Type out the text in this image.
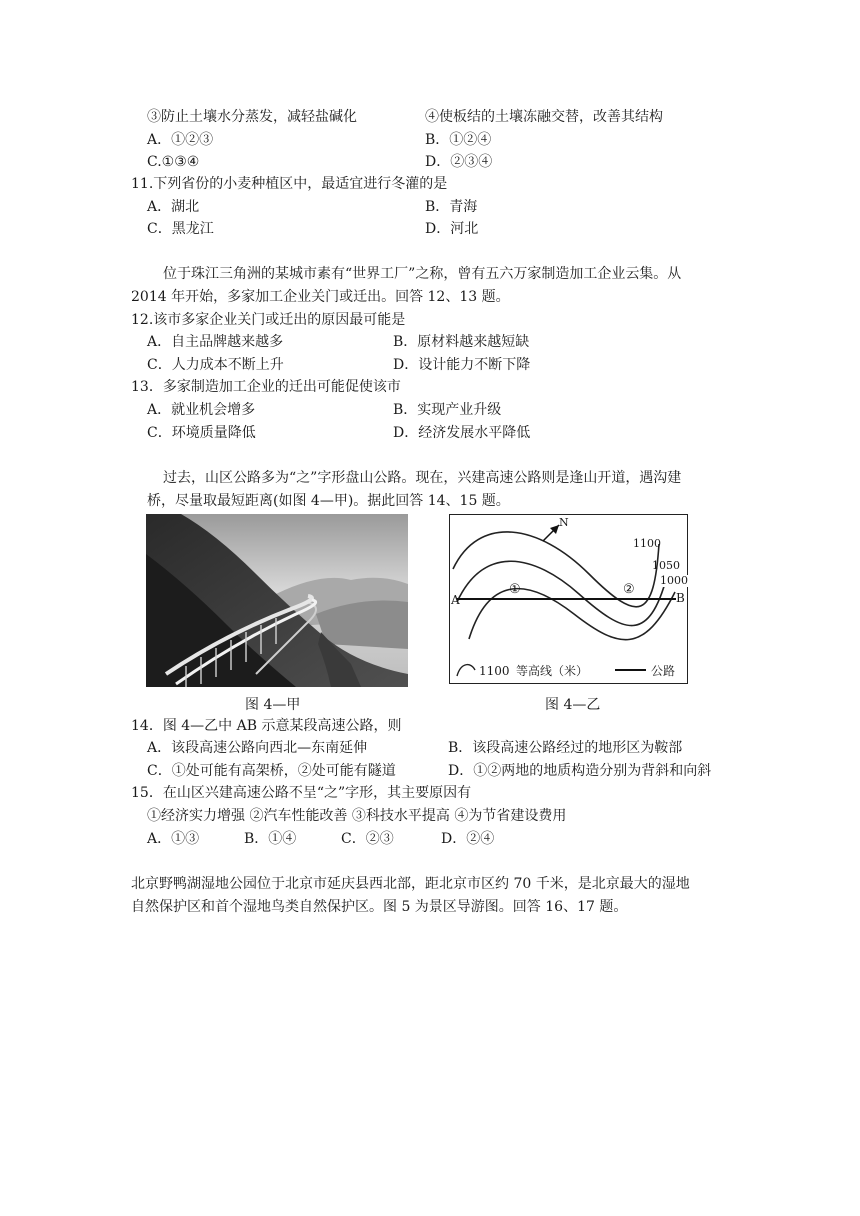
③防止土壤水分蒸发，减轻盐碱化	④使板结的土壤冻融交替，改善其结构
A．①②③	B．①②④
C.①③④	D．②③④
11.下列省份的小麦种植区中，最适宜进行冬灌的是
A．湖北	B．青海
C．黑龙江	D．河北
位于珠江三角洲的某城市素有“世界工厂”之称，曾有五六万家制造加工企业云集。从
2014 年开始，多家加工企业关门或迁出。回答 12、13 题。
12.该市多家企业关门或迁出的原因最可能是
A．自主品牌越来越多	B．原材料越来越短缺
C．人力成本不断上升	D．设计能力不断下降
13．多家制造加工企业的迁出可能促使该市
A．就业机会增多	B．实现产业升级
C．环境质量降低	D．经济发展水平降低
过去，山区公路多为“之”字形盘山公路。现在，兴建高速公路则是逢山开道，遇沟建
桥，尽量取最短距离(如图 4—甲)。据此回答 14、15 题。
图 4—甲
N
1100
1050
1000
A	B
①	②
1100 等高线（米）	公路
图 4—乙
14．图 4—乙中 AB 示意某段高速公路，则
A．该段高速公路向西北—东南延伸	B．该段高速公路经过的地形区为鞍部
C．①处可能有高架桥，②处可能有隧道	D．①②两地的地质构造分别为背斜和向斜
15．在山区兴建高速公路不呈“之”字形，其主要原因有
①经济实力增强 ②汽车性能改善 ③科技水平提高 ④为节省建设费用
A．①③	B．①④	C．②③	D．②④
北京野鸭湖湿地公园位于北京市延庆县西北部，距北京市区约 70 千米，是北京最大的湿地
自然保护区和首个湿地鸟类自然保护区。图 5 为景区导游图。回答 16、17 题。
